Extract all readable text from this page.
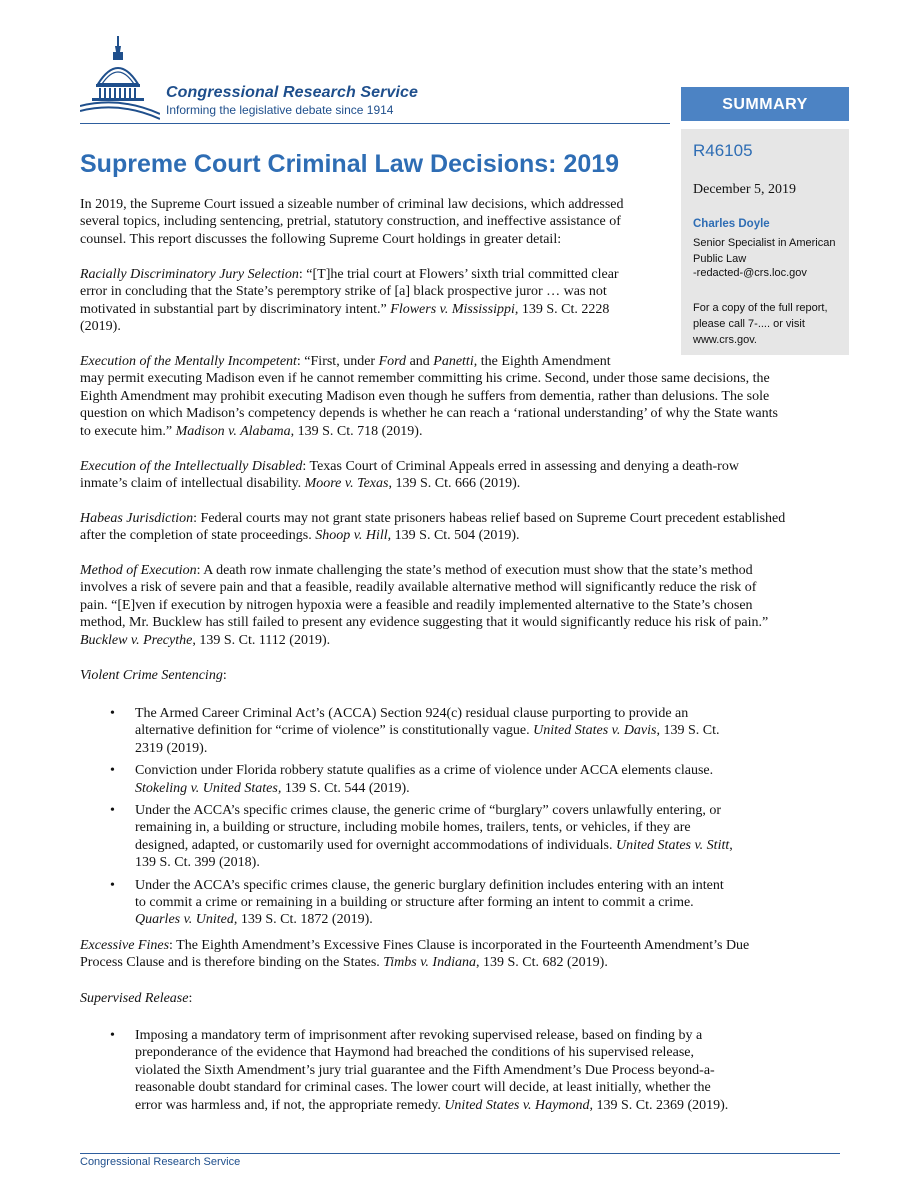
Congressional Research Service
Informing the legislative debate since 1914	SUMMARY
R46105
December 5, 2019
Charles Doyle
Senior Specialist in American Public Law
-redacted-@crs.loc.gov
For a copy of the full report, please call 7-.... or visit www.crs.gov.
Supreme Court Criminal Law Decisions: 2019
In 2019, the Supreme Court issued a sizeable number of criminal law decisions, which addressed
several topics, including sentencing, pretrial, statutory construction, and ineffective assistance of
counsel. This report discusses the following Supreme Court holdings in greater detail:
Racially Discriminatory Jury Selection: “[T]he trial court at Flowers’ sixth trial committed clear
error in concluding that the State’s peremptory strike of [a] black prospective juror … was not
motivated in substantial part by discriminatory intent.” Flowers v. Mississippi, 139 S. Ct. 2228
(2019).
Execution of the Mentally Incompetent: “First, under Ford and Panetti, the Eighth Amendment
may permit executing Madison even if he cannot remember committing his crime. Second, under those same decisions, the
Eighth Amendment may prohibit executing Madison even though he suffers from dementia, rather than delusions. The sole
question on which Madison’s competency depends is whether he can reach a ‘rational understanding’ of why the State wants
to execute him.” Madison v. Alabama, 139 S. Ct. 718 (2019).
Execution of the Intellectually Disabled: Texas Court of Criminal Appeals erred in assessing and denying a death-row
inmate’s claim of intellectual disability. Moore v. Texas, 139 S. Ct. 666 (2019).
Habeas Jurisdiction: Federal courts may not grant state prisoners habeas relief based on Supreme Court precedent established
after the completion of state proceedings. Shoop v. Hill, 139 S. Ct. 504 (2019).
Method of Execution: A death row inmate challenging the state’s method of execution must show that the state’s method
involves a risk of severe pain and that a feasible, readily available alternative method will significantly reduce the risk of
pain. “[E]ven if execution by nitrogen hypoxia were a feasible and readily implemented alternative to the State’s chosen
method, Mr. Bucklew has still failed to present any evidence suggesting that it would significantly reduce his risk of pain.”
Bucklew v. Precythe, 139 S. Ct. 1112 (2019).
Violent Crime Sentencing:
• The Armed Career Criminal Act’s (ACCA) Section 924(c) residual clause purporting to provide an
alternative definition for “crime of violence” is constitutionally vague. United States v. Davis, 139 S. Ct.
2319 (2019).
• Conviction under Florida robbery statute qualifies as a crime of violence under ACCA elements clause.
Stokeling v. United States, 139 S. Ct. 544 (2019).
• Under the ACCA’s specific crimes clause, the generic crime of “burglary” covers unlawfully entering, or
remaining in, a building or structure, including mobile homes, trailers, tents, or vehicles, if they are
designed, adapted, or customarily used for overnight accommodations of individuals. United States v. Stitt,
139 S. Ct. 399 (2018).
• Under the ACCA’s specific crimes clause, the generic burglary definition includes entering with an intent
to commit a crime or remaining in a building or structure after forming an intent to commit a crime.
Quarles v. United, 139 S. Ct. 1872 (2019).
Excessive Fines: The Eighth Amendment’s Excessive Fines Clause is incorporated in the Fourteenth Amendment’s Due
Process Clause and is therefore binding on the States. Timbs v. Indiana, 139 S. Ct. 682 (2019).
Supervised Release:
• Imposing a mandatory term of imprisonment after revoking supervised release, based on finding by a
preponderance of the evidence that Haymond had breached the conditions of his supervised release,
violated the Sixth Amendment’s jury trial guarantee and the Fifth Amendment’s Due Process beyond-a-
reasonable doubt standard for criminal cases. The lower court will decide, at least initially, whether the
error was harmless and, if not, the appropriate remedy. United States v. Haymond, 139 S. Ct. 2369 (2019).
Congressional Research Service
